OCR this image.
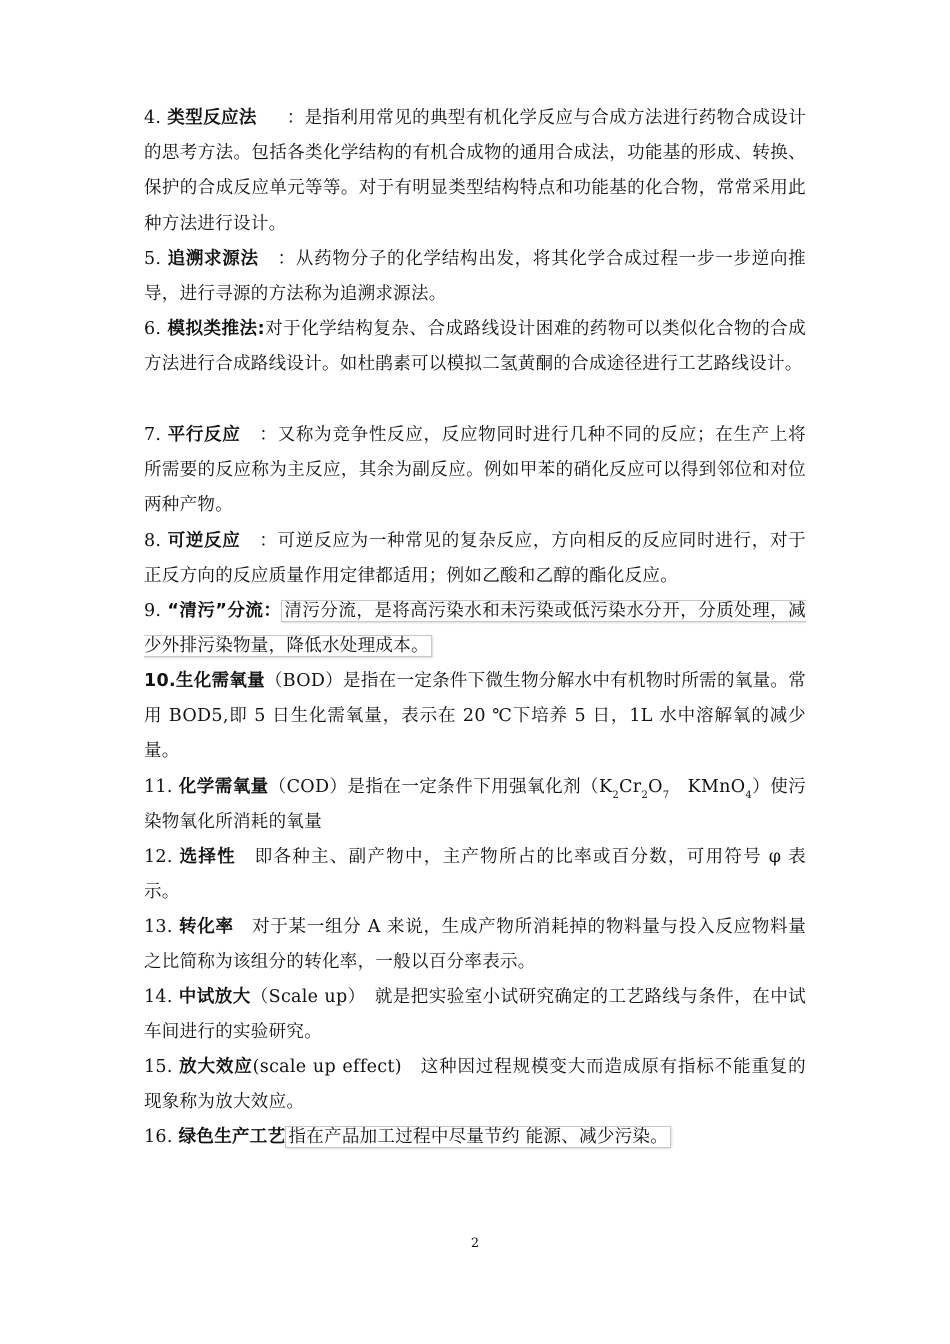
4. 类型反应法 ：是指利用常见的典型有机化学反应与合成方法进行药物合成设计的思考方法。包括各类化学结构的有机合成物的通用合成法，功能基的形成、转换、保护的合成反应单元等等。对于有明显类型结构特点和功能基的化合物，常常采用此种方法进行设计。
5. 追溯求源法 ：从药物分子的化学结构出发，将其化学合成过程一步一步逆向推导，进行寻源的方法称为追溯求源法。
6. 模拟类推法:对于化学结构复杂、合成路线设计困难的药物可以类似化合物的合成方法进行合成路线设计。如杜鹃素可以模拟二氢黄酮的合成途径进行工艺路线设计。
7. 平行反应 ：又称为竞争性反应，反应物同时进行几种不同的反应；在生产上将所需要的反应称为主反应，其余为副反应。例如甲苯的硝化反应可以得到邻位和对位两种产物。
8. 可逆反应 ：可逆反应为一种常见的复杂反应，方向相反的反应同时进行，对于正反方向的反应质量作用定律都适用；例如乙酸和乙醇的酯化反应。
9. “清污”分流： 清污分流，是将高污染水和未污染或低污染水分开，分质处理，减少外排污染物量，降低水处理成本。
10.生化需氧量（BOD）是指在一定条件下微生物分解水中有机物时所需的氧量。常用 BOD5,即 5 日生化需氧量，表示在 20 ℃下培养 5 日，1L 水中溶解氧的减少量。
11. 化学需氧量（COD）是指在一定条件下用强氧化剂（$K_2Cr_2O_7$　KMnO$_4$）使污染物氧化所消耗的氧量
12. 选择性　即各种主、副产物中，主产物所占的比率或百分数，可用符号 φ 表示。
13. 转化率　对于某一组分 A 来说，生成产物所消耗掉的物料量与投入反应物料量之比简称为该组分的转化率，一般以百分率表示。
14. 中试放大（Scale up）　就是把实验室小试研究确定的工艺路线与条件，在中试车间进行的实验研究。
15. 放大效应(scale up effect)　这种因过程规模变大而造成原有指标不能重复的现象称为放大效应。
16. 绿色生产工艺 指在产品加工过程中尽量节约 能源、减少污染。
2
